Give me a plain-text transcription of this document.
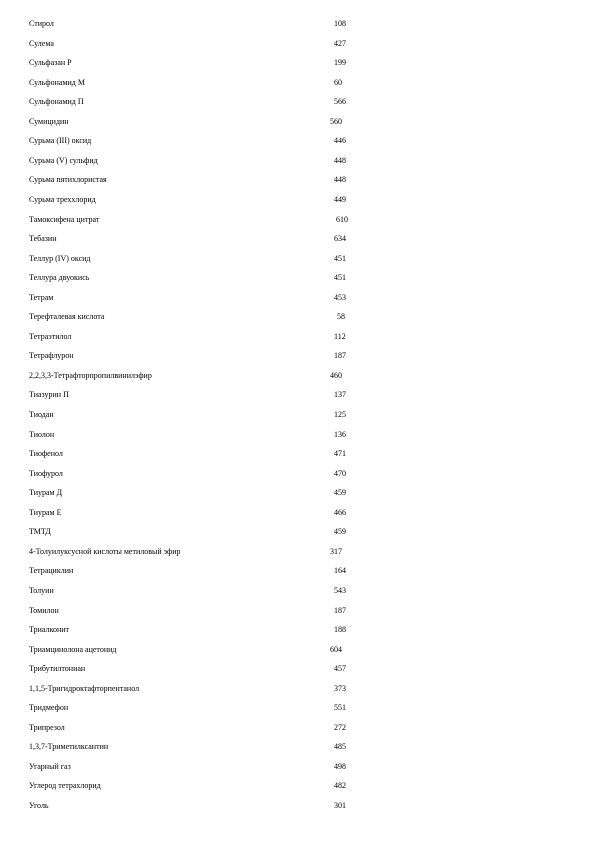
Стирол	108
Сулема	427
Сульфазан Р	199
Сульфонамид М	60
Сульфонамид П	566
Сумицидин	560
Сурьма (III) оксид	446
Сурьма (V) сульфид	448
Сурьма пятихлористая	448
Сурьма треххлорид	449
Тамоксифена цитрат	610
Тебазин	634
Теллур (IV) оксид	451
Теллура двуокись	451
Тетрам	453
Терефталевая кислота	58
Тетраэтилол	112
Тетрафлурон	187
2,2,3,3-Тетрафторпропилвинилэфир	460
Тиазурин П	137
Тиодан	125
Тиолон	136
Тиофенол	471
Тиофурол	470
Тиурам Д	459
Тиурам Е	466
ТМТД	459
4-Толуилуксусной кислоты метиловый эфир	317
Тетрациклин	164
Толуин	543
Томилон	187
Триалконит	188
Триамцинолона ацетонид	604
Трибутилтониан	457
1,1,5-Тригидроктафторпентанол	373
Тридмефон	551
Трипрезол	272
1,3,7-Триметилксантин	485
Угарный газ	498
Углерод тетрахлорид	482
Уголь	301
